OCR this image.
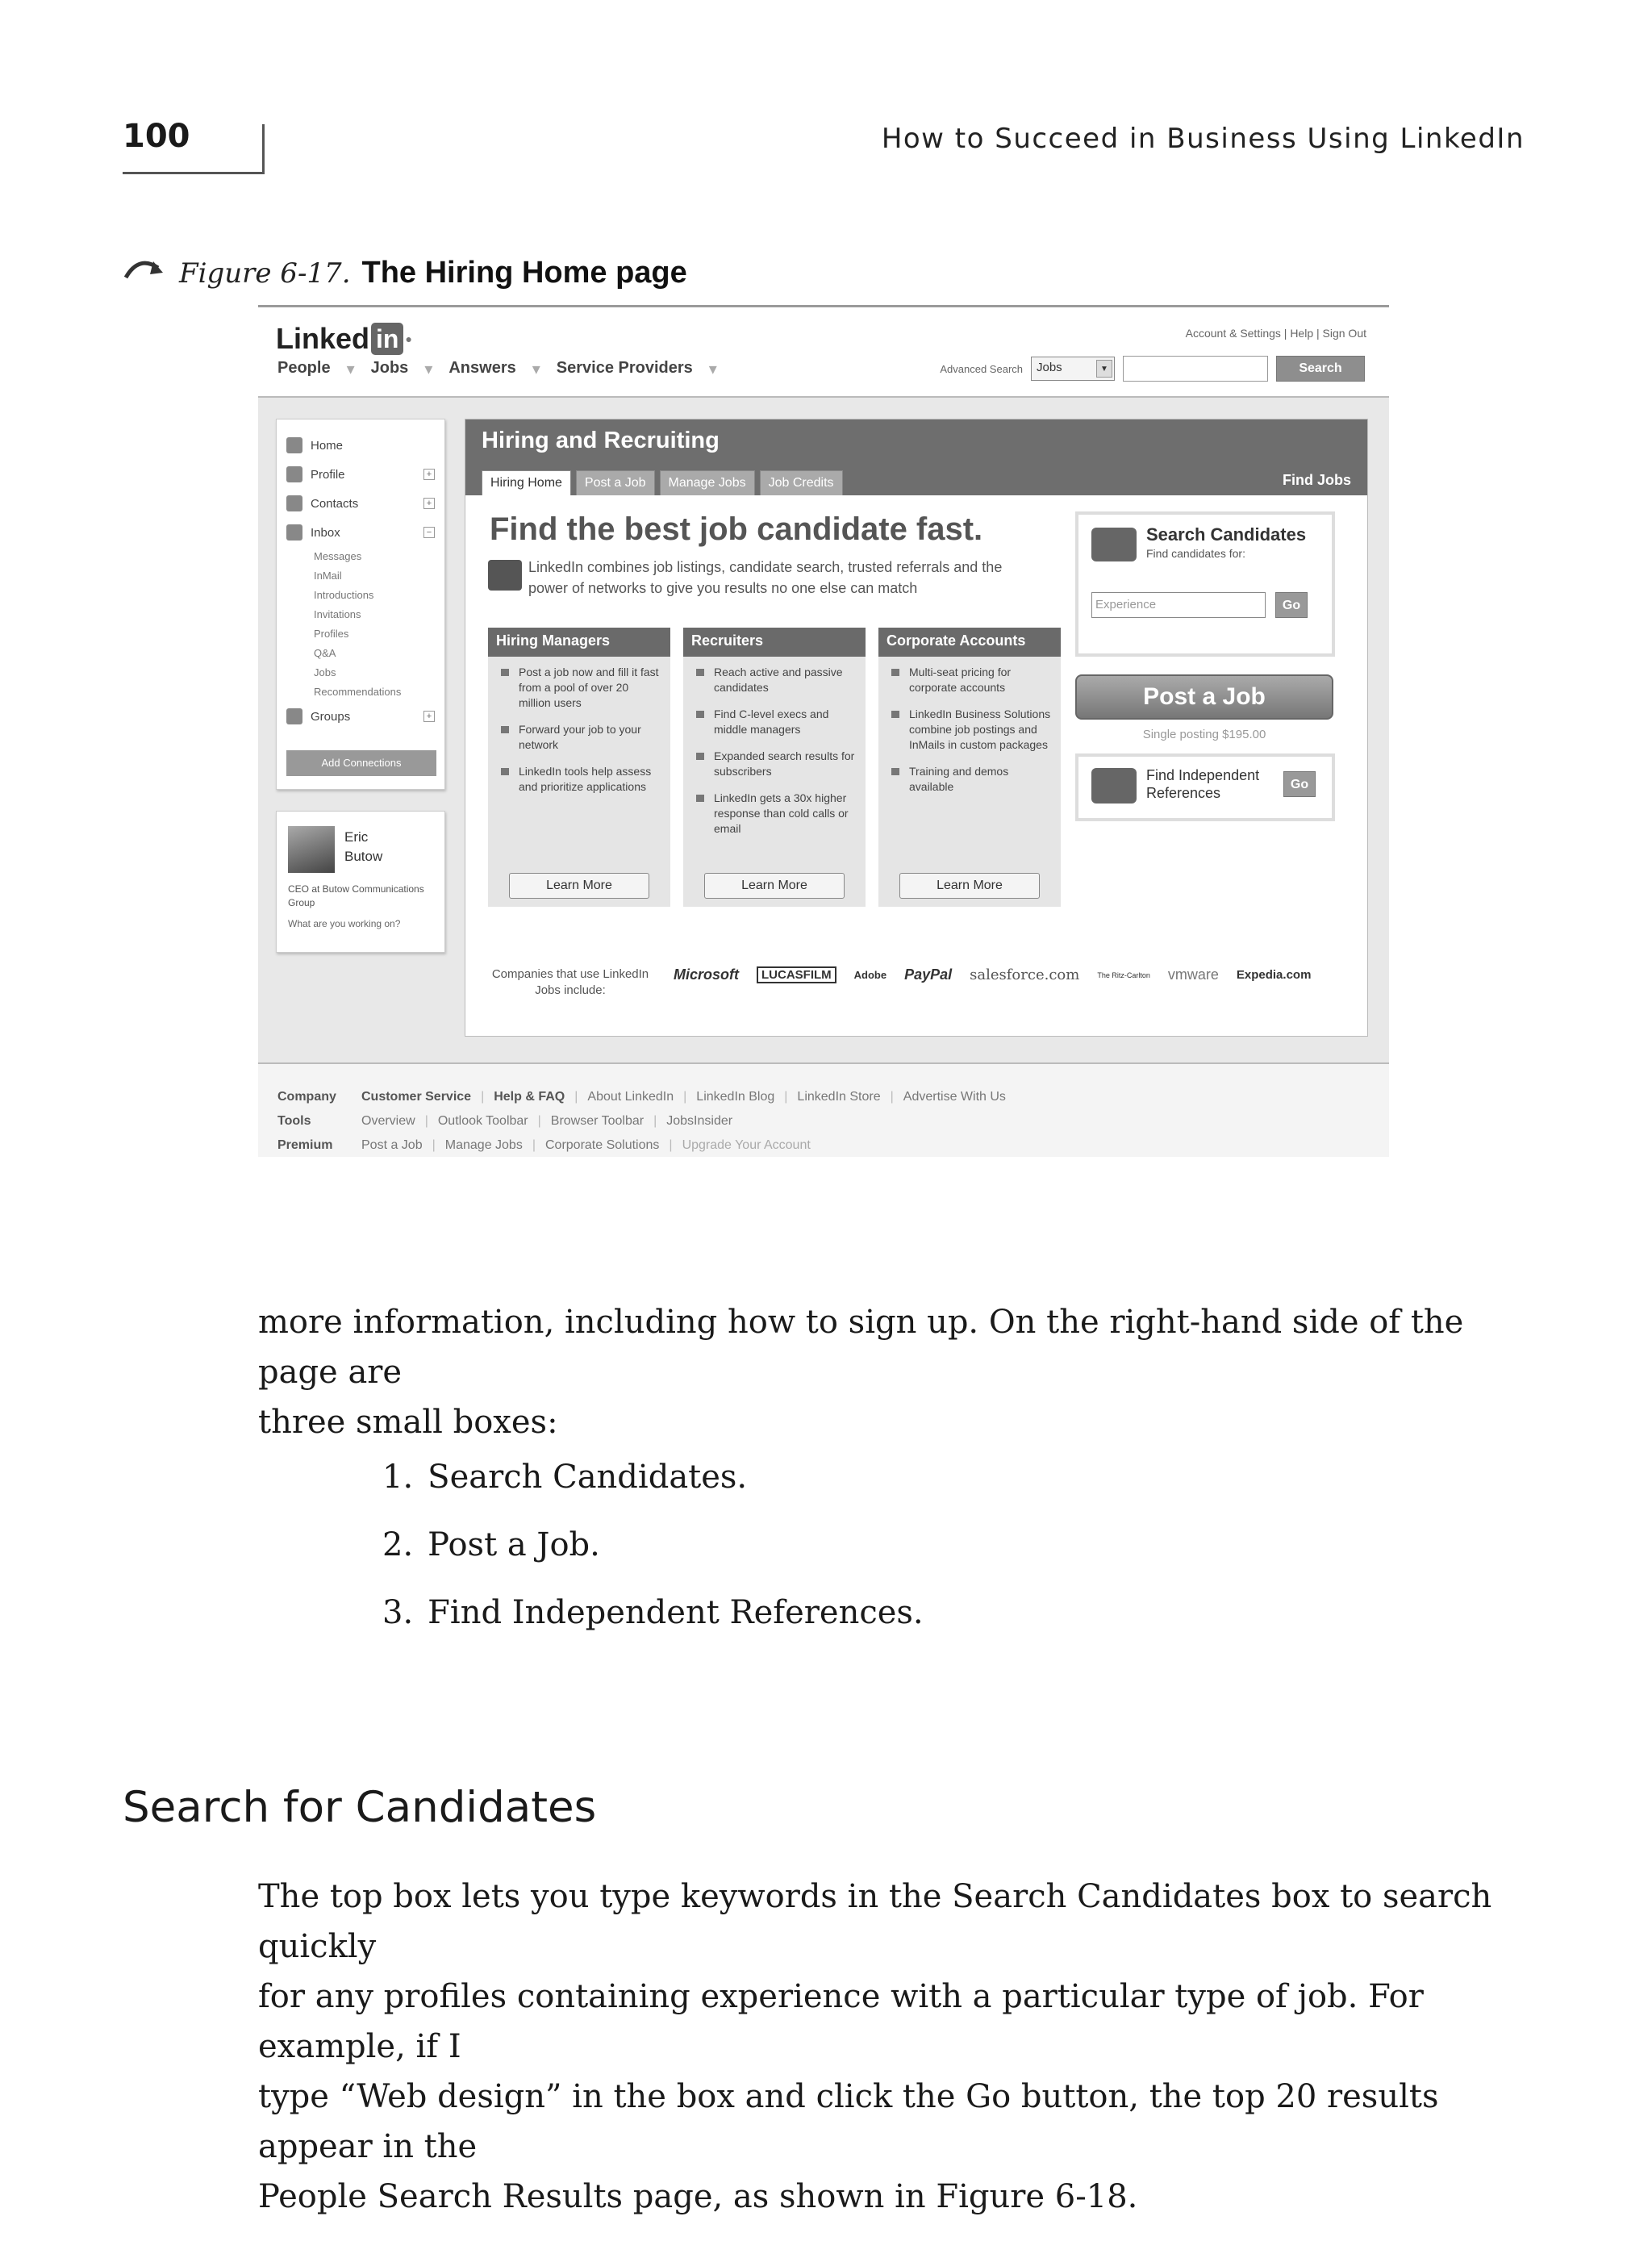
100	How to Succeed in Business Using LinkedIn
Figure 6-17. The Hiring Home page
Linked in ●	Account & Settings | Help | Sign Out
People ▾ Jobs ▾ Answers ▾ Service Providers ▾	Advanced Search	Jobs	▼	Search
Home
Profile	+
Contacts	+
Inbox	−
Messages
InMail
Introductions
Invitations
Profiles
Q&A
Jobs
Recommendations
Groups	+
Add Connections
Eric
Butow
CEO at Butow Communications Group
What are you working on?
Hiring and Recruiting
Hiring Home	Post a Job	Manage Jobs	Job Credits	Find Jobs
Find the best job candidate fast.
LinkedIn combines job listings, candidate search, trusted referrals and the power of networks to give you results no one else can match
Hiring Managers
Post a job now and fill it fast from a pool of over 20 million users
Forward your job to your network
LinkedIn tools help assess and prioritize applications
Learn More
Recruiters
Reach active and passive candidates
Find C-level execs and middle managers
Expanded search results for subscribers
LinkedIn gets a 30x higher response than cold calls or email
Learn More
Corporate Accounts
Multi-seat pricing for corporate accounts
LinkedIn Business Solutions combine job postings and InMails in custom packages
Training and demos available
Learn More
Search Candidates
Find candidates for:
Experience	Go
Post a Job
Single posting $195.00
Find Independent References
Go
Companies that use LinkedIn Jobs include:
Microsoft	LUCASFILM	Adobe PayPal salesforce.com The Ritz-Carlton vmware Expedia.com
Company	Customer Service | Help & FAQ | About LinkedIn | LinkedIn Blog | LinkedIn Store | Advertise With Us
Tools	Overview | Outlook Toolbar | Browser Toolbar | JobsInsider
Premium	Post a Job | Manage Jobs | Corporate Solutions | Upgrade Your Account
more information, including how to sign up. On the right-hand side of the page are
three small boxes:
1. Search Candidates.
2. Post a Job.
3. Find Independent References.
Search for Candidates
The top box lets you type keywords in the Search Candidates box to search quickly
for any profiles containing experience with a particular type of job. For example, if I
type “Web design” in the box and click the Go button, the top 20 results appear in the
People Search Results page, as shown in Figure 6-18.
